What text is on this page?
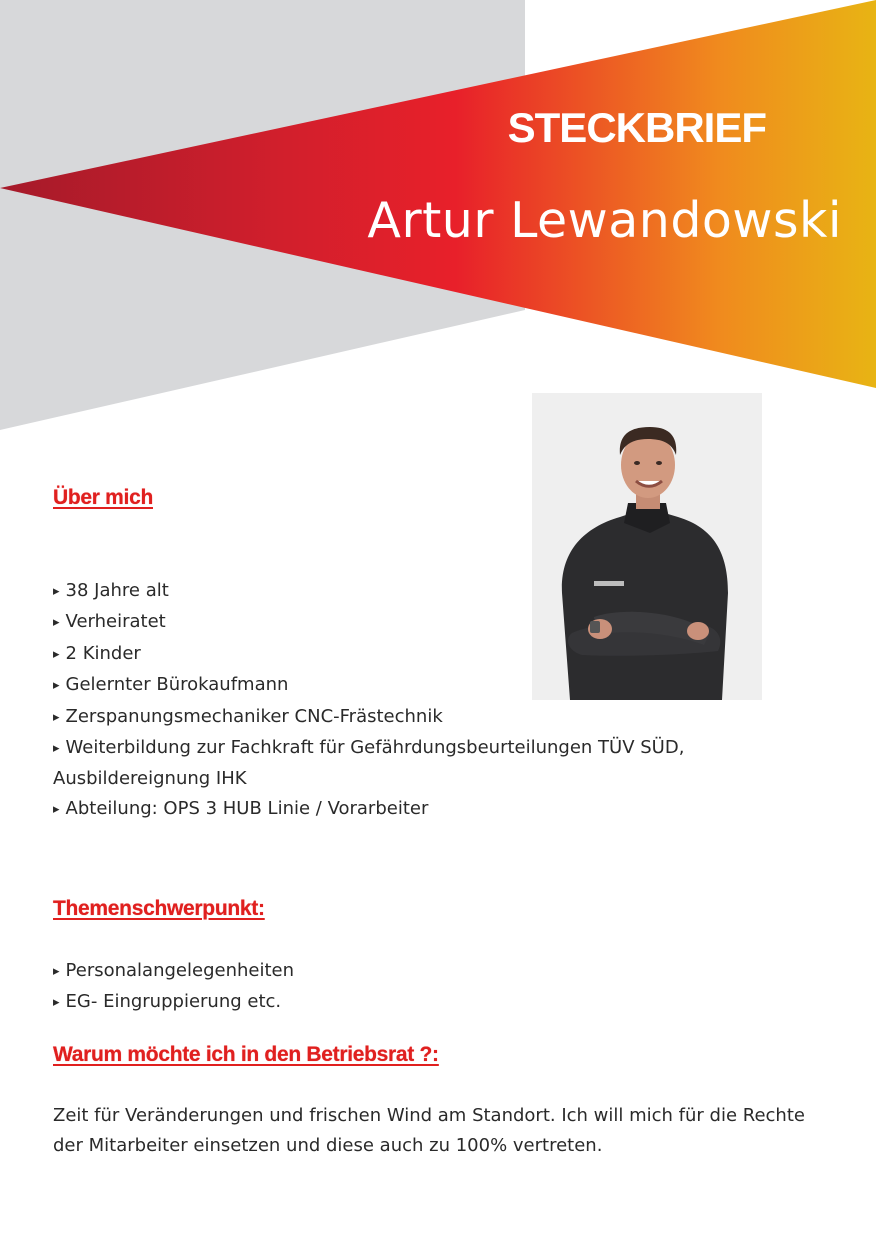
STECKBRIEF
Artur Lewandowski
Über mich
▸ 38 Jahre alt
▸ Verheiratet
▸ 2 Kinder
▸ Gelernter Bürokaufmann
▸ Zerspanungsmechaniker CNC-Frästechnik
▸ Weiterbildung zur Fachkraft für Gefährdungsbeurteilungen TÜV SÜD, Ausbildereignung IHK
▸ Abteilung: OPS 3 HUB Linie / Vorarbeiter
Themenschwerpunkt:
▸ Personalangelegenheiten
▸ EG- Eingruppierung etc.
Warum möchte ich in den Betriebsrat ?:

Zeit für Veränderungen und frischen Wind am Standort. Ich will mich für die Rechte der Mitarbeiter einsetzen und diese auch zu 100% vertreten.
